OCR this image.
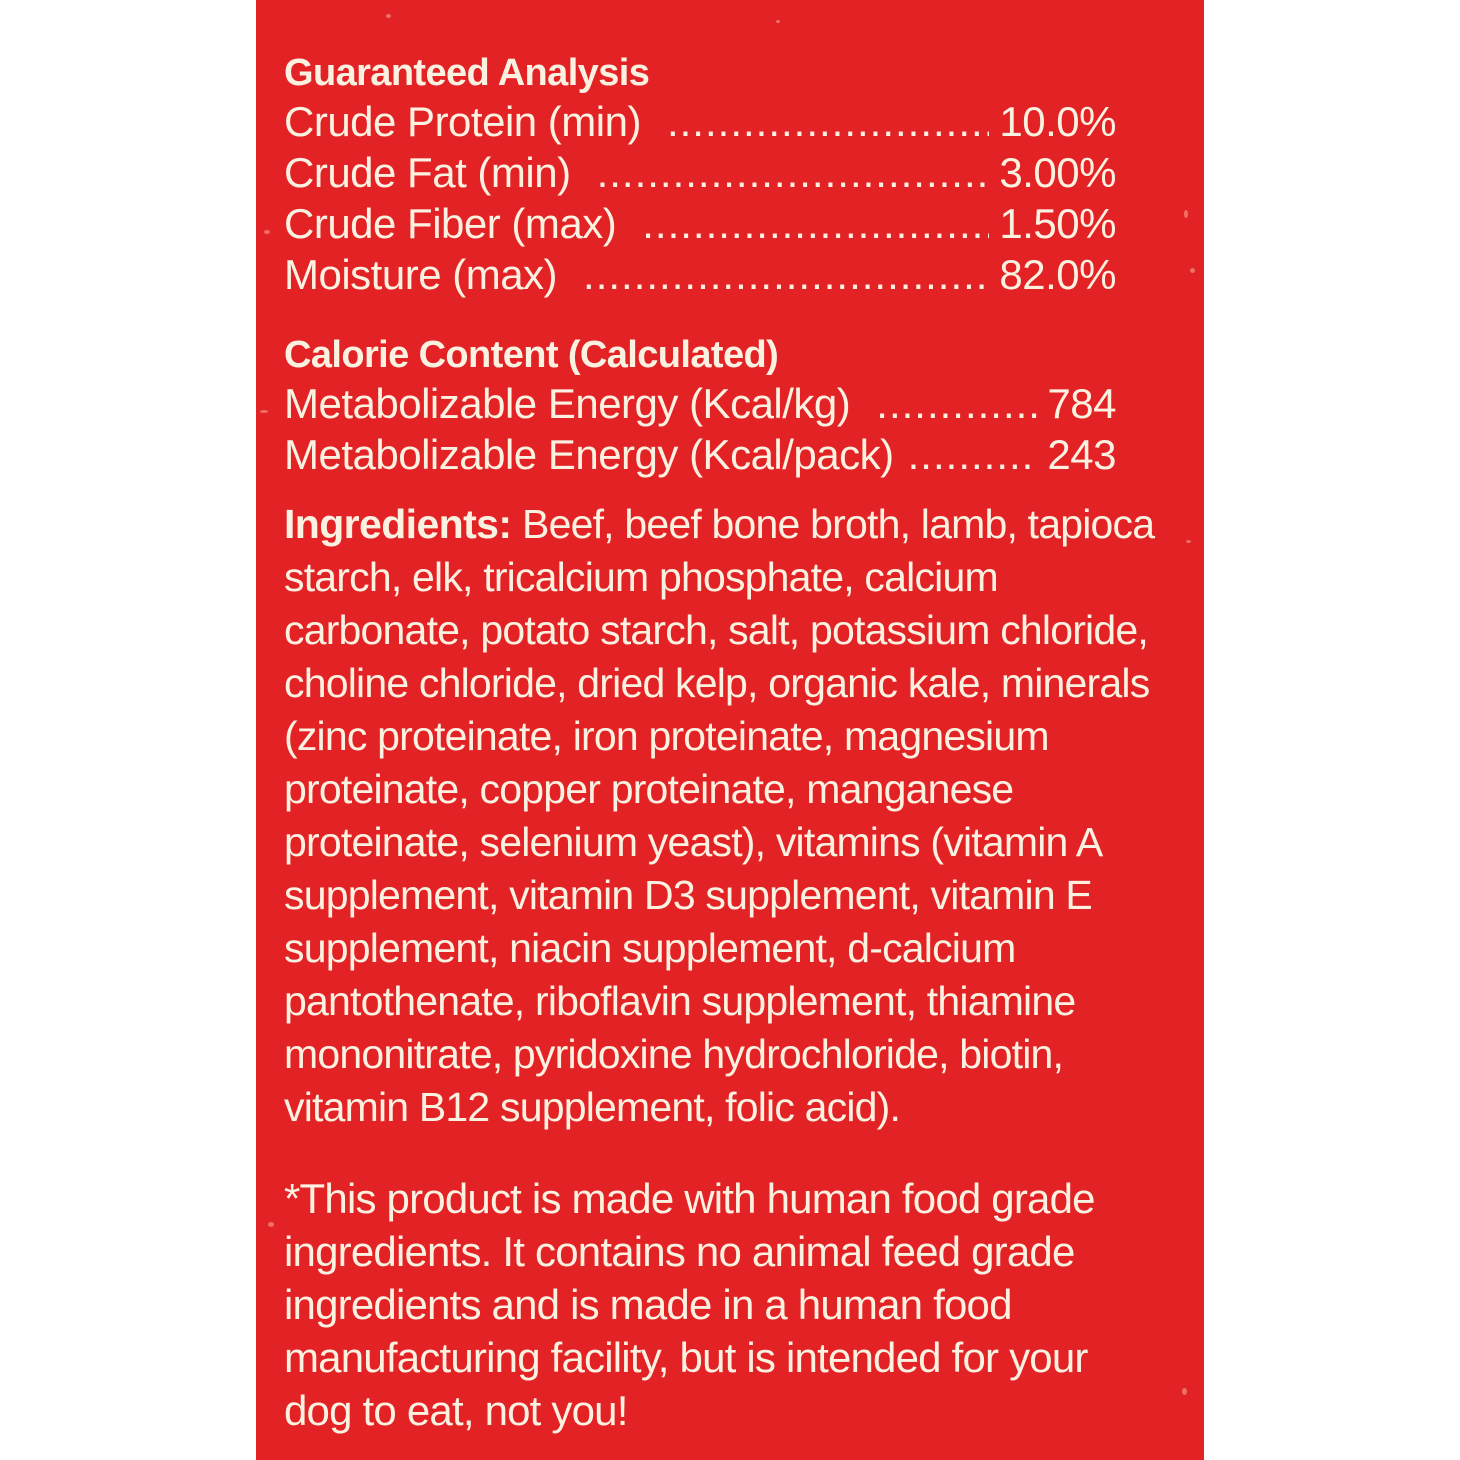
Guaranteed Analysis
Crude Protein (min) .....	10.0%
Crude Fat (min) .....	3.00%
Crude Fiber (max) .....	1.50%
Moisture (max) .....	82.0%
Calorie Content (Calculated)
Metabolizable Energy (Kcal/kg) .....	784
Metabolizable Energy (Kcal/pack) .....	243

Ingredients: Beef, beef bone broth, lamb, tapioca starch, elk, tricalcium phosphate, calcium carbonate, potato starch, salt, potassium chloride, choline chloride, dried kelp, organic kale, minerals (zinc proteinate, iron proteinate, magnesium proteinate, copper proteinate, manganese proteinate, selenium yeast), vitamins (vitamin A supplement, vitamin D3 supplement, vitamin E supplement, niacin supplement, d-calcium pantothenate, riboflavin supplement, thiamine mononitrate, pyridoxine hydrochloride, biotin, vitamin B12 supplement, folic acid).

*This product is made with human food grade ingredients. It contains no animal feed grade ingredients and is made in a human food manufacturing facility, but is intended for your dog to eat, not you!
